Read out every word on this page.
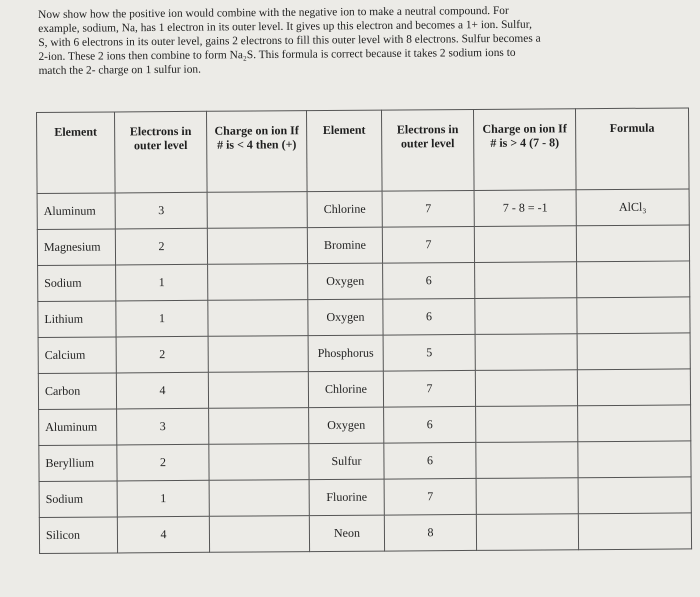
Now show how the positive ion would combine with the negative ion to make a neutral compound. For
example, sodium, Na, has 1 electron in its outer level. It gives up this electron and becomes a 1+ ion. Sulfur,
S, with 6 electrons in its outer level, gains 2 electrons to fill this outer level with 8 electrons. Sulfur becomes a
2-ion. These 2 ions then combine to form Na₂S. This formula is correct because it takes 2 sodium ions to
match the 2- charge on 1 sulfur ion.
Element	Electrons in outer level	Charge on ion If # is < 4 then (+)	Element	Electrons in outer level	Charge on ion If # is > 4 (7 - 8)	Formula

Aluminum	3		Chlorine	7	7 - 8 = -1	AlCl₃

Magnesium	2		Bromine	7		

Sodium	1		Oxygen	6		

Lithium	1		Oxygen	6		

Calcium	2		Phosphorus	5		

Carbon	4		Chlorine	7		

Aluminum	3		Oxygen	6		

Beryllium	2		Sulfur	6		

Sodium	1		Fluorine	7		

Silicon	4		Neon	8		
